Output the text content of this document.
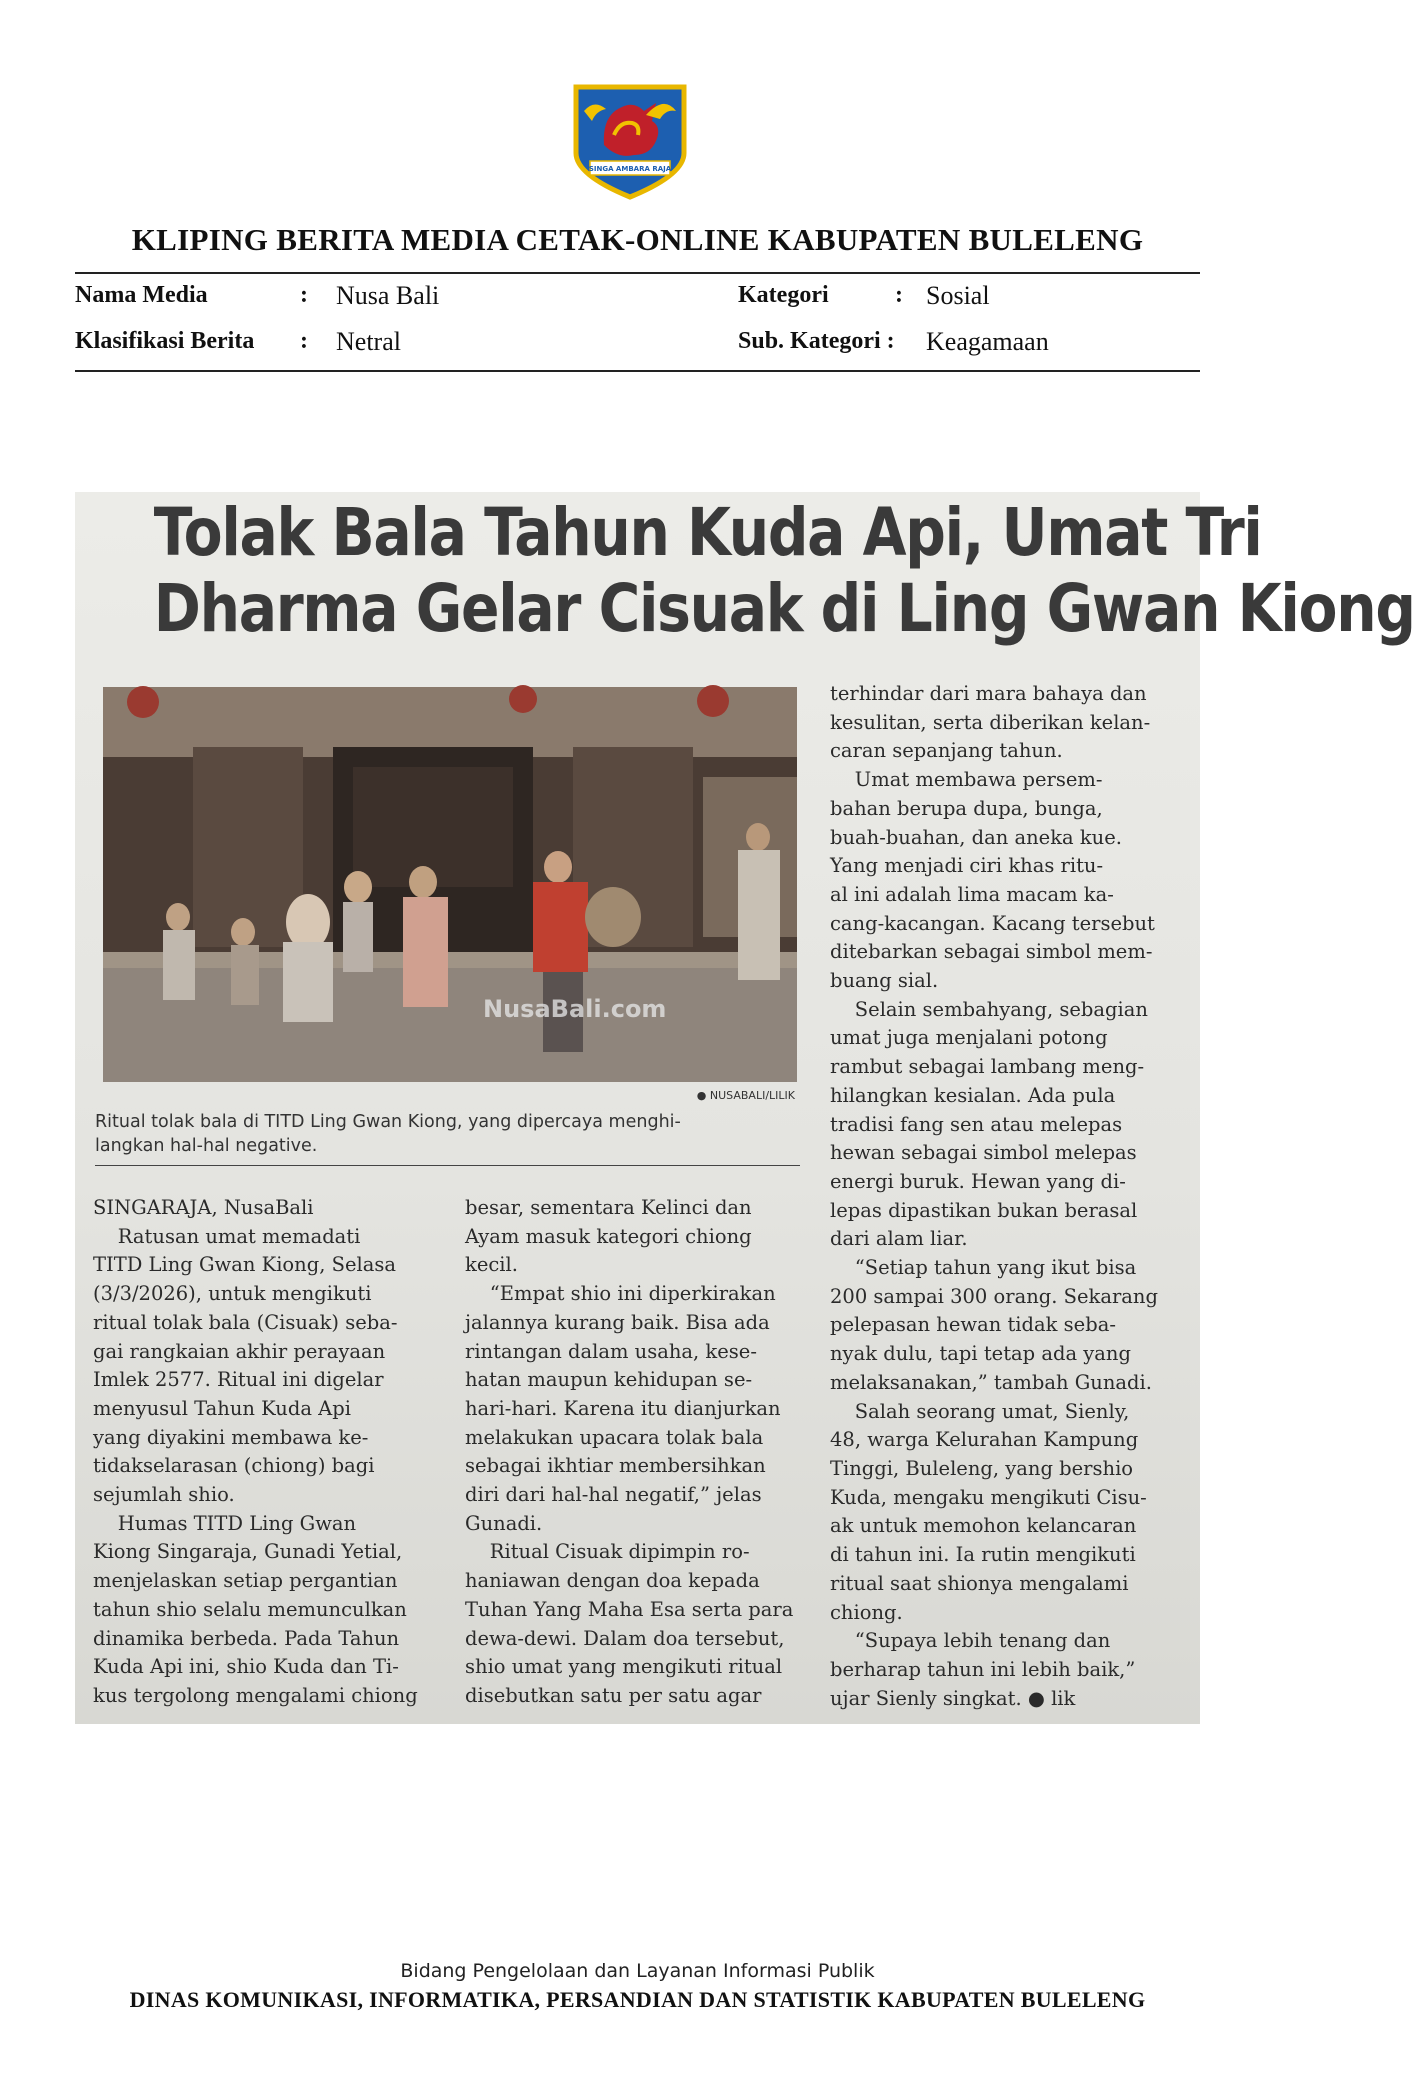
SINGA AMBARA RAJA
KLIPING BERITA MEDIA CETAK-ONLINE KABUPATEN BULELENG
Nama Media	: Nusa Bali	Kategori	: Sosial
Klasifikasi Berita : Netral	Sub. Kategori : Keagamaan
Tolak Bala Tahun Kuda Api, Umat Tri
Dharma Gelar Cisuak di Ling Gwan Kiong
NusaBali.com
● NUSABALI/LILIK
Ritual tolak bala di TITD Ling Gwan Kiong, yang dipercaya menghi-
langkan hal-hal negative.
SINGARAJA, NusaBali
Ratusan umat memadati
TITD Ling Gwan Kiong, Selasa
(3/3/2026), untuk mengikuti
ritual tolak bala (Cisuak) seba-
gai rangkaian akhir perayaan
Imlek 2577. Ritual ini digelar
menyusul Tahun Kuda Api
yang diyakini membawa ke-
tidakselarasan (chiong) bagi
sejumlah shio.
Humas TITD Ling Gwan
Kiong Singaraja, Gunadi Yetial,
menjelaskan setiap pergantian
tahun shio selalu memunculkan
dinamika berbeda. Pada Tahun
Kuda Api ini, shio Kuda dan Ti-
kus tergolong mengalami chiong
besar, sementara Kelinci dan
Ayam masuk kategori chiong
kecil.
“Empat shio ini diperkirakan
jalannya kurang baik. Bisa ada
rintangan dalam usaha, kese-
hatan maupun kehidupan se-
hari-hari. Karena itu dianjurkan
melakukan upacara tolak bala
sebagai ikhtiar membersihkan
diri dari hal-hal negatif,” jelas
Gunadi.
Ritual Cisuak dipimpin ro-
haniawan dengan doa kepada
Tuhan Yang Maha Esa serta para
dewa-dewi. Dalam doa tersebut,
shio umat yang mengikuti ritual
disebutkan satu per satu agar
terhindar dari mara bahaya dan
kesulitan, serta diberikan kelan-
caran sepanjang tahun.
Umat membawa persem-
bahan berupa dupa, bunga,
buah-buahan, dan aneka kue.
Yang menjadi ciri khas ritu-
al ini adalah lima macam ka-
cang-kacangan. Kacang tersebut
ditebarkan sebagai simbol mem-
buang sial.
Selain sembahyang, sebagian
umat juga menjalani potong
rambut sebagai lambang meng-
hilangkan kesialan. Ada pula
tradisi fang sen atau melepas
hewan sebagai simbol melepas
energi buruk. Hewan yang di-
lepas dipastikan bukan berasal
dari alam liar.
“Setiap tahun yang ikut bisa
200 sampai 300 orang. Sekarang
pelepasan hewan tidak seba-
nyak dulu, tapi tetap ada yang
melaksanakan,” tambah Gunadi.
Salah seorang umat, Sienly,
48, warga Kelurahan Kampung
Tinggi, Buleleng, yang bershio
Kuda, mengaku mengikuti Cisu-
ak untuk memohon kelancaran
di tahun ini. Ia rutin mengikuti
ritual saat shionya mengalami
chiong.
“Supaya lebih tenang dan
berharap tahun ini lebih baik,”
ujar Sienly singkat. ● lik
Bidang Pengelolaan dan Layanan Informasi Publik
DINAS KOMUNIKASI, INFORMATIKA, PERSANDIAN DAN STATISTIK KABUPATEN BULELENG
